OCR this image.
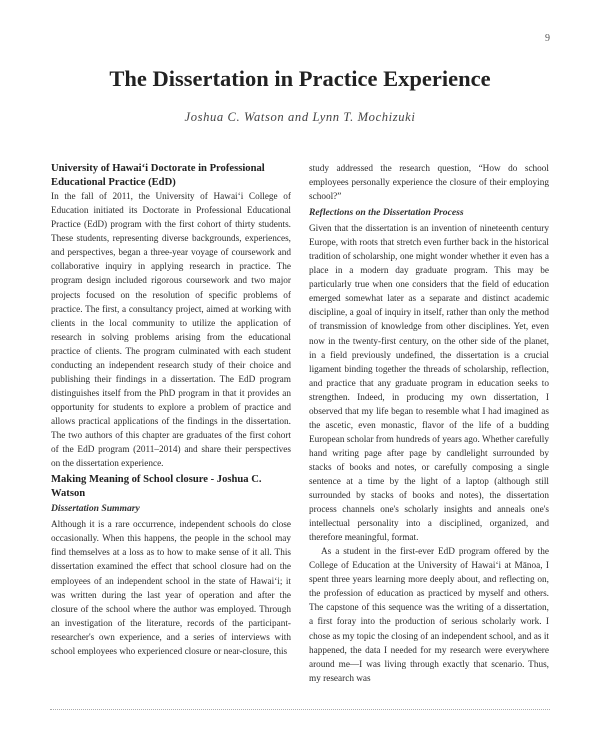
9
The Dissertation in Practice Experience
Joshua C. Watson and Lynn T. Mochizuki
University of Hawai‘i Doctorate in Professional Educational Practice (EdD)

In the fall of 2011, the University of Hawai‘i College of Education initiated its Doctorate in Professional Educational Practice (EdD) program with the first cohort of thirty students. These students, representing diverse backgrounds, experiences, and perspectives, began a three-year voyage of coursework and collaborative inquiry in applying research in practice. The program design included rigorous coursework and two major projects focused on the resolution of specific problems of practice. The first, a consultancy project, aimed at working with clients in the local community to utilize the application of research in solving problems arising from the educational practice of clients. The program culminated with each student conducting an independent research study of their choice and publishing their findings in a dissertation. The EdD program distinguishes itself from the PhD program in that it provides an opportunity for students to explore a problem of practice and allows practical applications of the findings in the dissertation. The two authors of this chapter are graduates of the first cohort of the EdD program (2011–2014) and share their perspectives on the dissertation experience.

Making Meaning of School closure - Joshua C. Watson
Dissertation Summary

Although it is a rare occurrence, independent schools do close occasionally. When this happens, the people in the school may find themselves at a loss as to how to make sense of it all. This dissertation examined the effect that school closure had on the employees of an independent school in the state of Hawai‘i; it was written during the last year of operation and after the closure of the school where the author was employed. Through an investigation of the literature, records of the participant-researcher's own experience, and a series of interviews with school employees who experienced closure or near-closure, this

study addressed the research question, “How do school employees personally experience the closure of their employing school?”

Reflections on the Dissertation Process

Given that the dissertation is an invention of nineteenth century Europe, with roots that stretch even further back in the historical tradition of scholarship, one might wonder whether it even has a place in a modern day graduate program. This may be particularly true when one considers that the field of education emerged somewhat later as a separate and distinct academic discipline, a goal of inquiry in itself, rather than only the method of transmission of knowledge from other disciplines. Yet, even now in the twenty-first century, on the other side of the planet, in a field previously undefined, the dissertation is a crucial ligament binding together the threads of scholarship, reflection, and practice that any graduate program in education seeks to strengthen. Indeed, in producing my own dissertation, I observed that my life began to resemble what I had imagined as the ascetic, even monastic, flavor of the life of a budding European scholar from hundreds of years ago. Whether carefully hand writing page after page by candlelight surrounded by stacks of books and notes, or carefully composing a single sentence at a time by the light of a laptop (although still surrounded by stacks of books and notes), the dissertation process channels one's scholarly insights and anneals one's intellectual personality into a disciplined, organized, and therefore meaningful, format.

As a student in the first-ever EdD program offered by the College of Education at the University of Hawai‘i at Mānoa, I spent three years learning more deeply about, and reflecting on, the profession of education as practiced by myself and others. The capstone of this sequence was the writing of a dissertation, a first foray into the production of serious scholarly work. I chose as my topic the closing of an independent school, and as it happened, the data I needed for my research were everywhere around me—I was living through exactly that scenario. Thus, my research was
